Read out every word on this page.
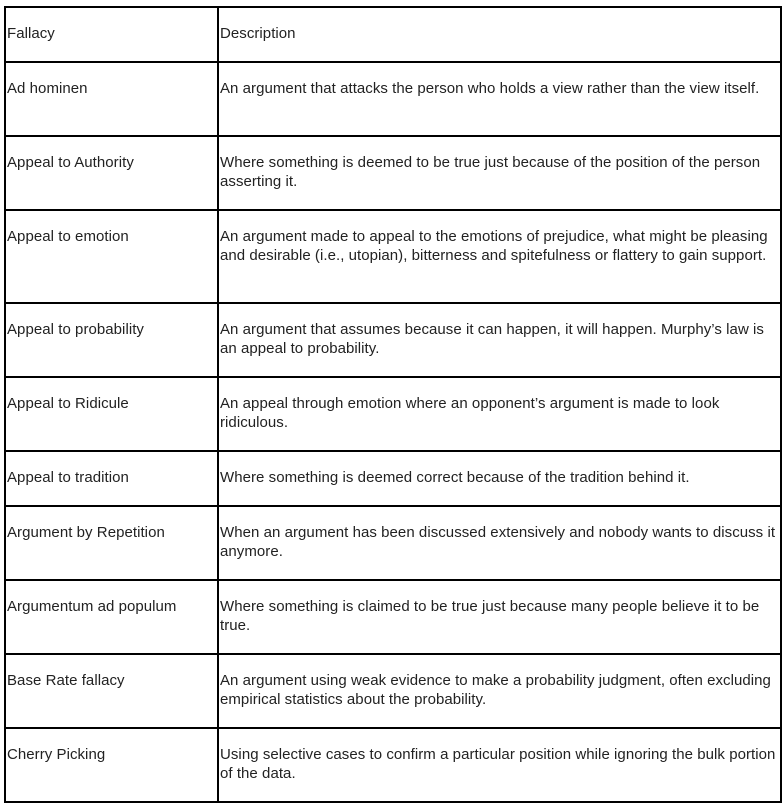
Fallacy	Description
Ad hominen	An argument that attacks the person who holds a view rather than the view itself.
Appeal to Authority	Where something is deemed to be true just because of the position of the person asserting it.
Appeal to emotion	An argument made to appeal to the emotions of prejudice, what might be pleasing and desirable (i.e., utopian), bitterness and spitefulness or flattery to gain support.
Appeal to probability	An argument that assumes because it can happen, it will happen. Murphy’s law is an appeal to probability.
Appeal to Ridicule	An appeal through emotion where an opponent’s argument is made to look ridiculous.
Appeal to tradition	Where something is deemed correct because of the tradition behind it.
Argument by Repetition	When an argument has been discussed extensively and nobody wants to discuss it anymore.
Argumentum ad populum	Where something is claimed to be true just because many people believe it to be true.
Base Rate fallacy	An argument using weak evidence to make a probability judgment, often excluding empirical statistics about the probability.
Cherry Picking	Using selective cases to confirm a particular position while ignoring the bulk portion of the data.
